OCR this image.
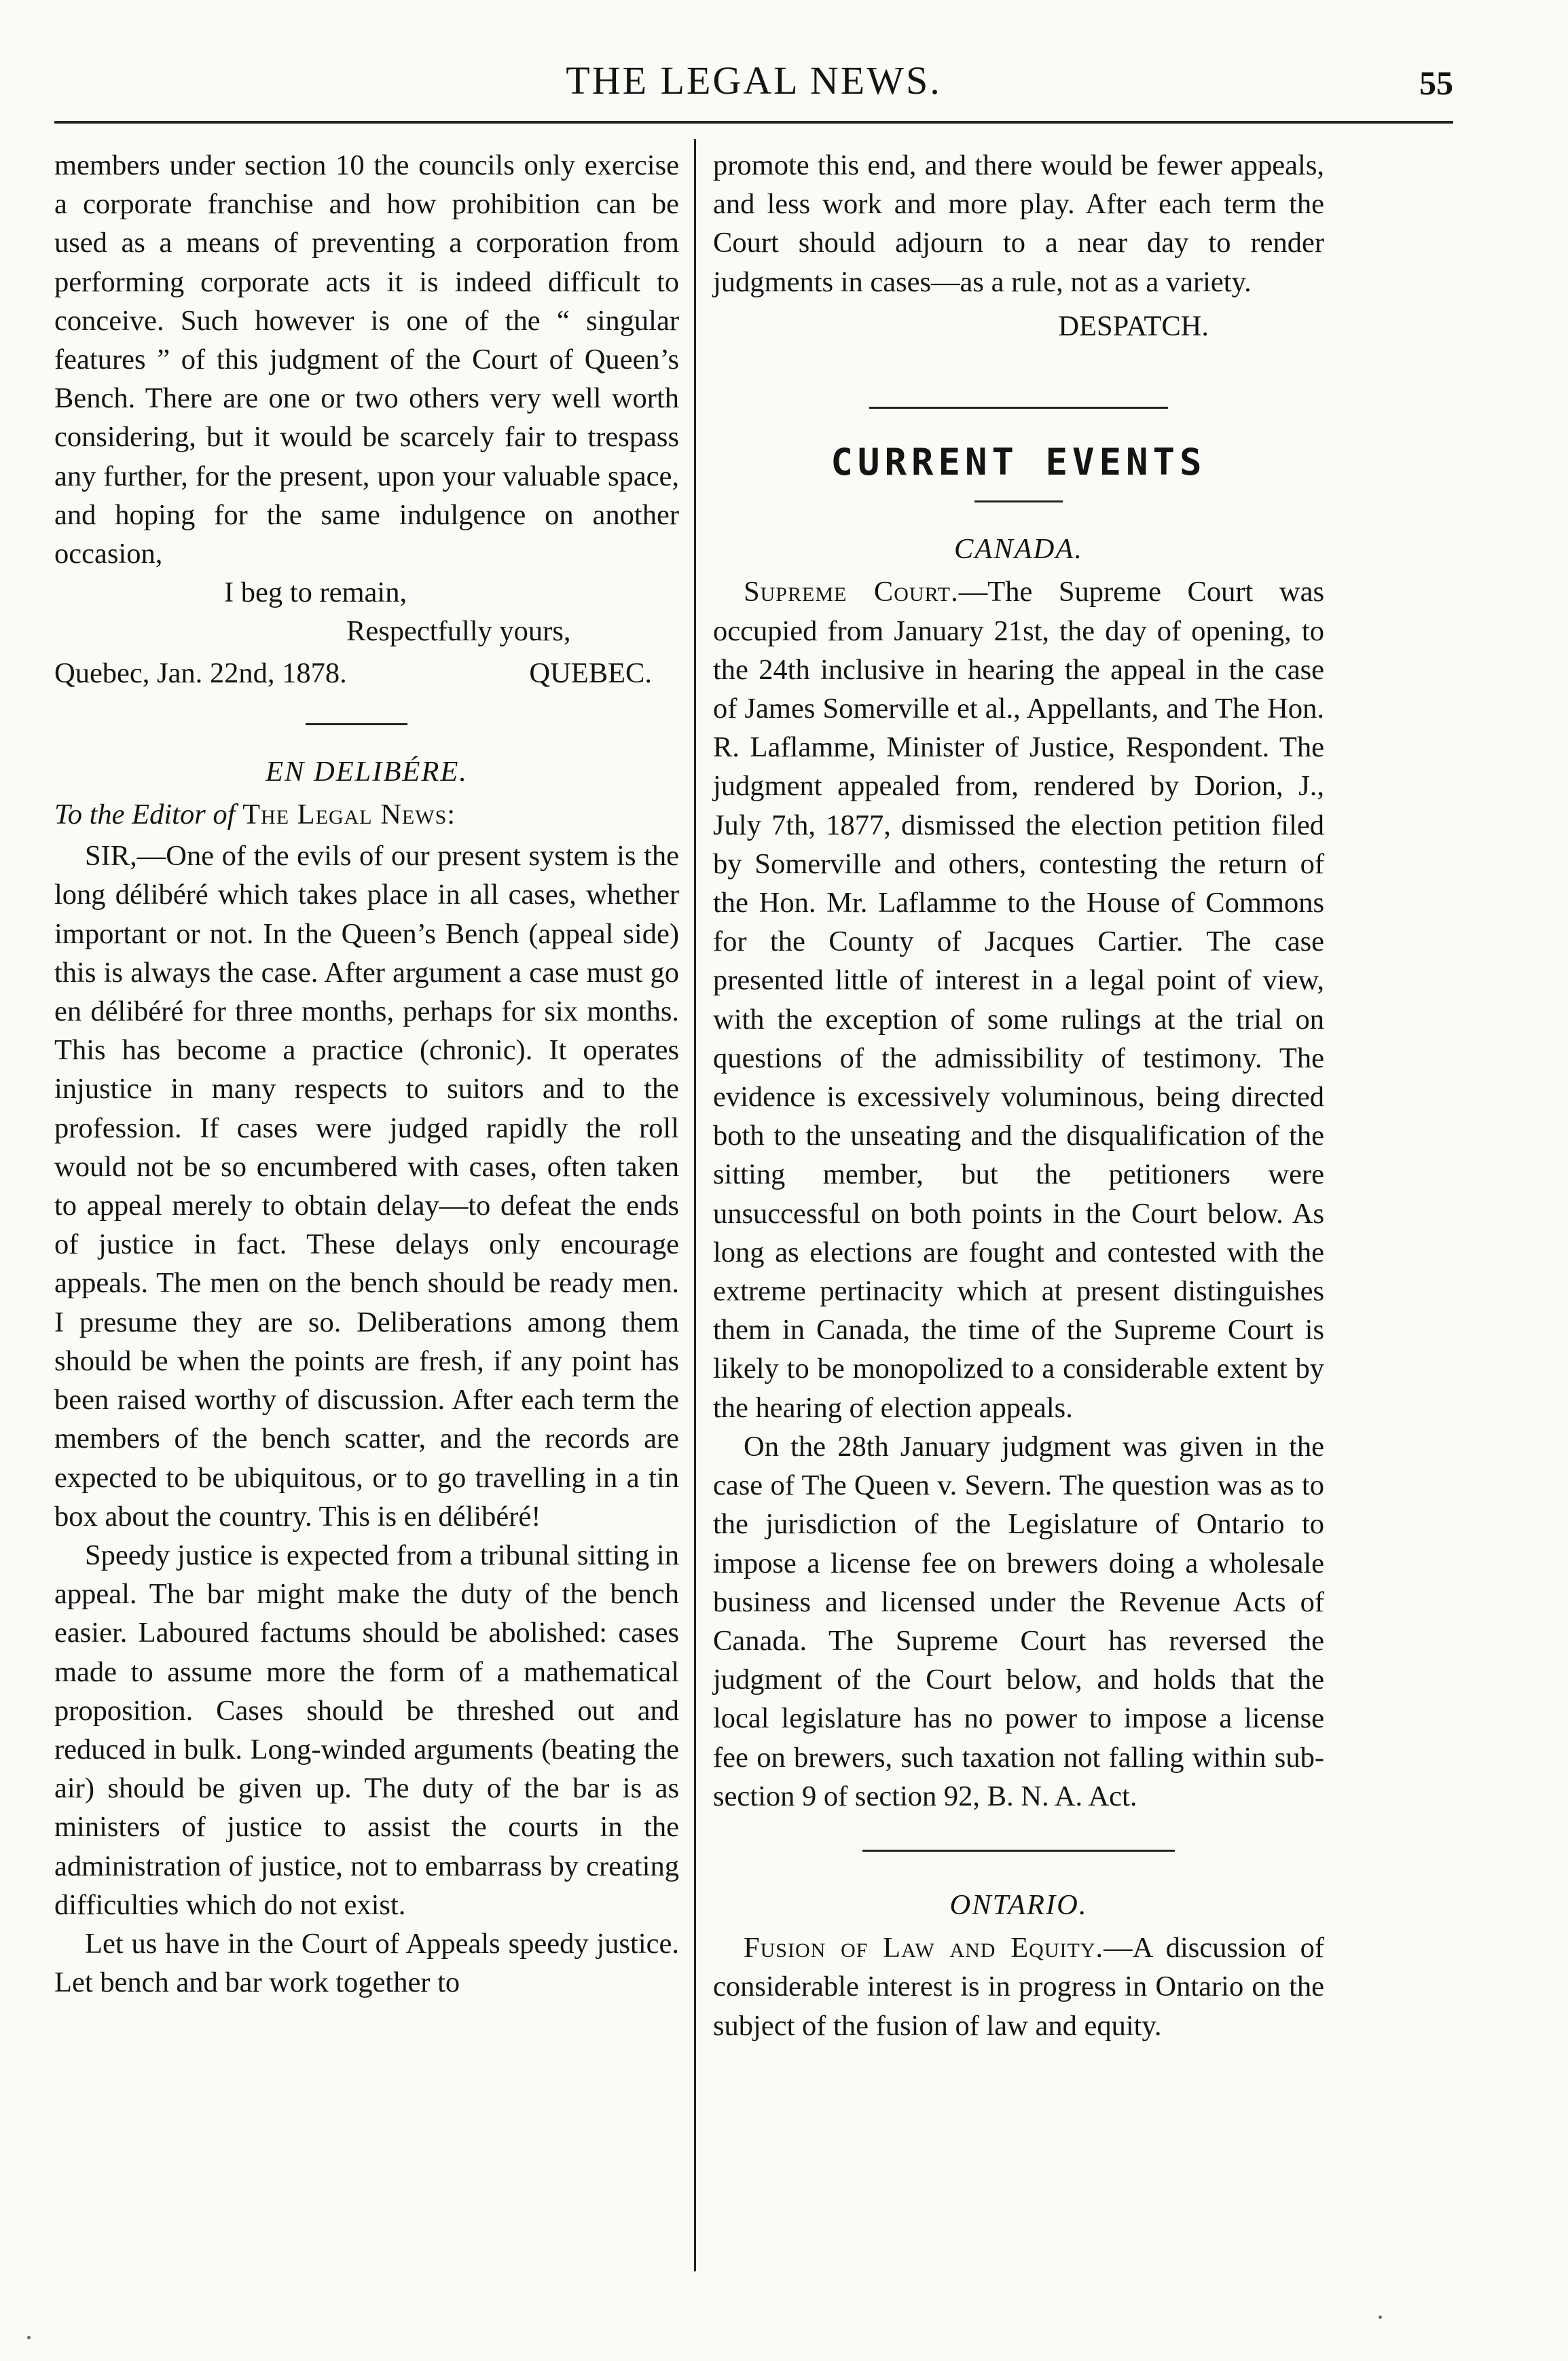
THE LEGAL NEWS.	55

members under section 10 the councils only exercise a corporate franchise and how prohibition can be used as a means of preventing a corporation from performing corporate acts it is indeed difficult to conceive. Such however is one of the “ singular features ” of this judgment of the Court of Queen’s Bench. There are one or two others very well worth considering, but it would be scarcely fair to trespass any further, for the present, upon your valuable space, and hoping for the same indulgence on another occasion,

I beg to remain,

Respectfully yours,

Quebec, Jan. 22nd, 1878.	QUEBEC.

EN DELIBÉRE.

To the Editor of The Legal News:

SIR,—One of the evils of our present system is the long délibéré which takes place in all cases, whether important or not. In the Queen’s Bench (appeal side) this is always the case. After argument a case must go en délibéré for three months, perhaps for six months. This has become a practice (chronic). It operates injustice in many respects to suitors and to the profession. If cases were judged rapidly the roll would not be so encumbered with cases, often taken to appeal merely to obtain delay—to defeat the ends of justice in fact. These delays only encourage appeals. The men on the bench should be ready men. I presume they are so. Deliberations among them should be when the points are fresh, if any point has been raised worthy of discussion. After each term the members of the bench scatter, and the records are expected to be ubiquitous, or to go travelling in a tin box about the country. This is en délibéré!

Speedy justice is expected from a tribunal sitting in appeal. The bar might make the duty of the bench easier. Laboured factums should be abolished: cases made to assume more the form of a mathematical proposition. Cases should be threshed out and reduced in bulk. Long-winded arguments (beating the air) should be given up. The duty of the bar is as ministers of justice to assist the courts in the administration of justice, not to embarrass by creating difficulties which do not exist.

Let us have in the Court of Appeals speedy justice. Let bench and bar work together to

promote this end, and there would be fewer appeals, and less work and more play. After each term the Court should adjourn to a near day to render judgments in cases—as a rule, not as a variety.

DESPATCH.

CURRENT EVENTS

CANADA.

Supreme Court.—The Supreme Court was occupied from January 21st, the day of opening, to the 24th inclusive in hearing the appeal in the case of James Somerville et al., Appellants, and The Hon. R. Laflamme, Minister of Justice, Respondent. The judgment appealed from, rendered by Dorion, J., July 7th, 1877, dismissed the election petition filed by Somerville and others, contesting the return of the Hon. Mr. Laflamme to the House of Commons for the County of Jacques Cartier. The case presented little of interest in a legal point of view, with the exception of some rulings at the trial on questions of the admissibility of testimony. The evidence is excessively voluminous, being directed both to the unseating and the disqualification of the sitting member, but the petitioners were unsuccessful on both points in the Court below. As long as elections are fought and contested with the extreme pertinacity which at present distinguishes them in Canada, the time of the Supreme Court is likely to be monopolized to a considerable extent by the hearing of election appeals.

On the 28th January judgment was given in the case of The Queen v. Severn. The question was as to the jurisdiction of the Legislature of Ontario to impose a license fee on brewers doing a wholesale business and licensed under the Revenue Acts of Canada. The Supreme Court has reversed the judgment of the Court below, and holds that the local legislature has no power to impose a license fee on brewers, such taxation not falling within sub-section 9 of section 92, B. N. A. Act.

ONTARIO.

Fusion of Law and Equity.—A discussion of considerable interest is in progress in Ontario on the subject of the fusion of law and equity.
